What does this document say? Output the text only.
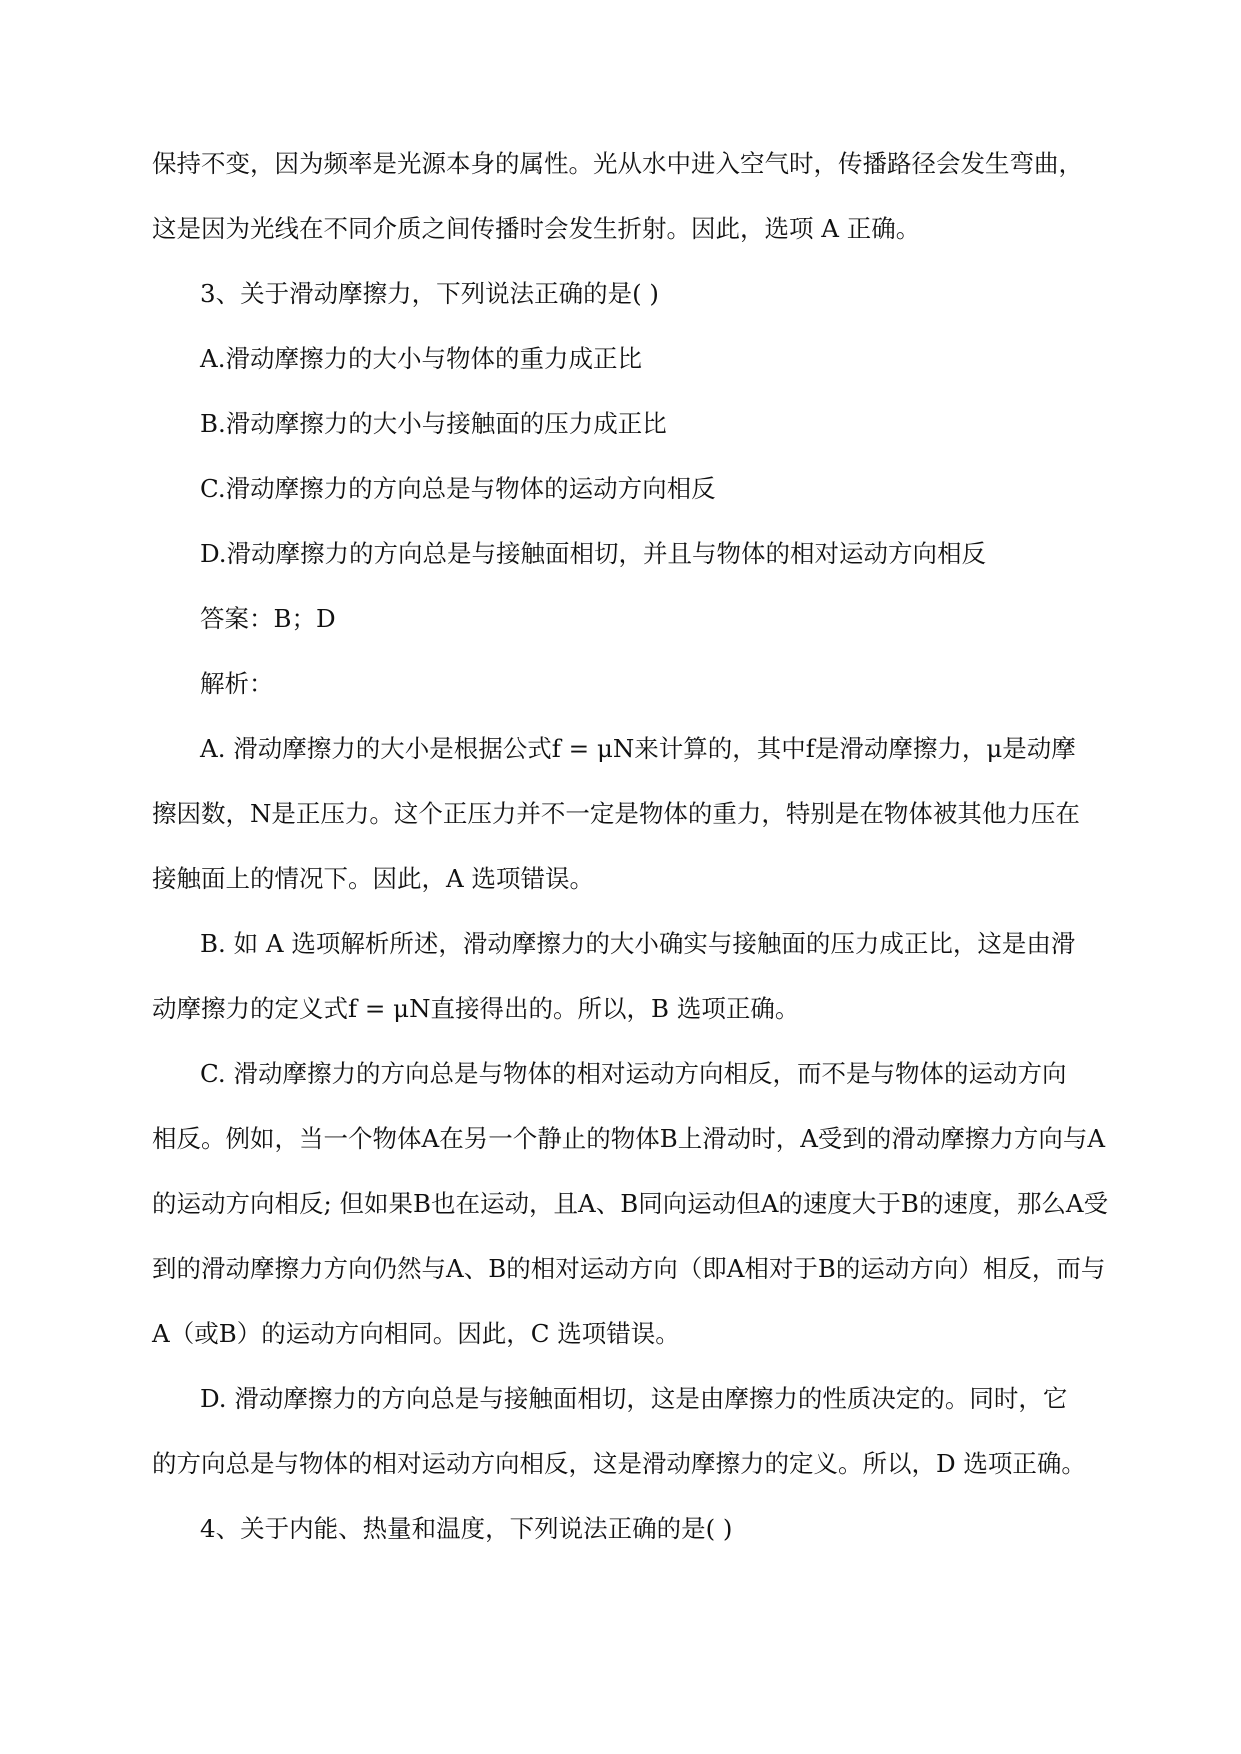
保持不变，因为频率是光源本身的属性。光从水中进入空气时，传播路径会发生弯曲，

这是因为光线在不同介质之间传播时会发生折射。因此，选项 A 正确。

3、关于滑动摩擦力，下列说法正确的是( )

A.滑动摩擦力的大小与物体的重力成正比

B.滑动摩擦力的大小与接触面的压力成正比

C.滑动摩擦力的方向总是与物体的运动方向相反

D.滑动摩擦力的方向总是与接触面相切，并且与物体的相对运动方向相反

答案：B；D

解析：

A. 滑动摩擦力的大小是根据公式f = μN来计算的，其中f是滑动摩擦力，μ是动摩

擦因数，N是正压力。这个正压力并不一定是物体的重力，特别是在物体被其他力压在

接触面上的情况下。因此，A 选项错误。

B. 如 A 选项解析所述，滑动摩擦力的大小确实与接触面的压力成正比，这是由滑

动摩擦力的定义式f = μN直接得出的。所以，B 选项正确。

C. 滑动摩擦力的方向总是与物体的相对运动方向相反，而不是与物体的运动方向

相反。例如，当一个物体A在另一个静止的物体B上滑动时，A受到的滑动摩擦力方向与A

的运动方向相反; 但如果B也在运动，且A、B同向运动但A的速度大于B的速度，那么A受

到的滑动摩擦力方向仍然与A、B的相对运动方向（即A相对于B的运动方向）相反，而与

A（或B）的运动方向相同。因此，C 选项错误。

D. 滑动摩擦力的方向总是与接触面相切，这是由摩擦力的性质决定的。同时，它

的方向总是与物体的相对运动方向相反，这是滑动摩擦力的定义。所以，D 选项正确。

4、关于内能、热量和温度，下列说法正确的是( )
